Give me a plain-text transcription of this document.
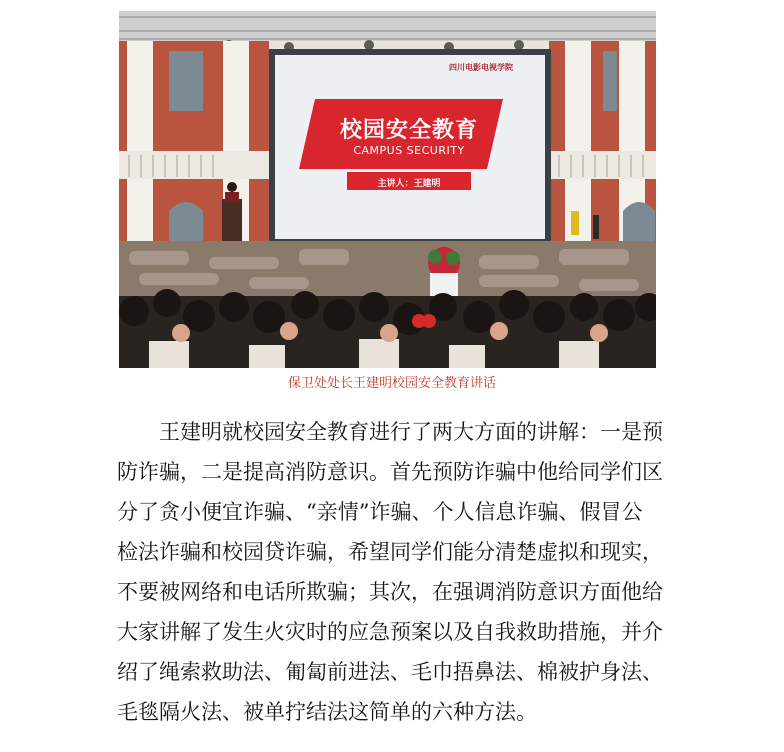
四川电影电视学院
校园安全教育
CAMPUS SECURITY
主讲人：王建明
保卫处处长王建明校园安全教育讲话
　　王建明就校园安全教育进行了两大方面的讲解：一是预
防诈骗，二是提高消防意识。首先预防诈骗中他给同学们区
分了贪小便宜诈骗、“亲情”诈骗、个人信息诈骗、假冒公
检法诈骗和校园贷诈骗，希望同学们能分清楚虚拟和现实，
不要被网络和电话所欺骗；其次，在强调消防意识方面他给
大家讲解了发生火灾时的应急预案以及自我救助措施，并介
绍了绳索救助法、匍匐前进法、毛巾捂鼻法、棉被护身法、
毛毯隔火法、被单拧结法这简单的六种方法。
